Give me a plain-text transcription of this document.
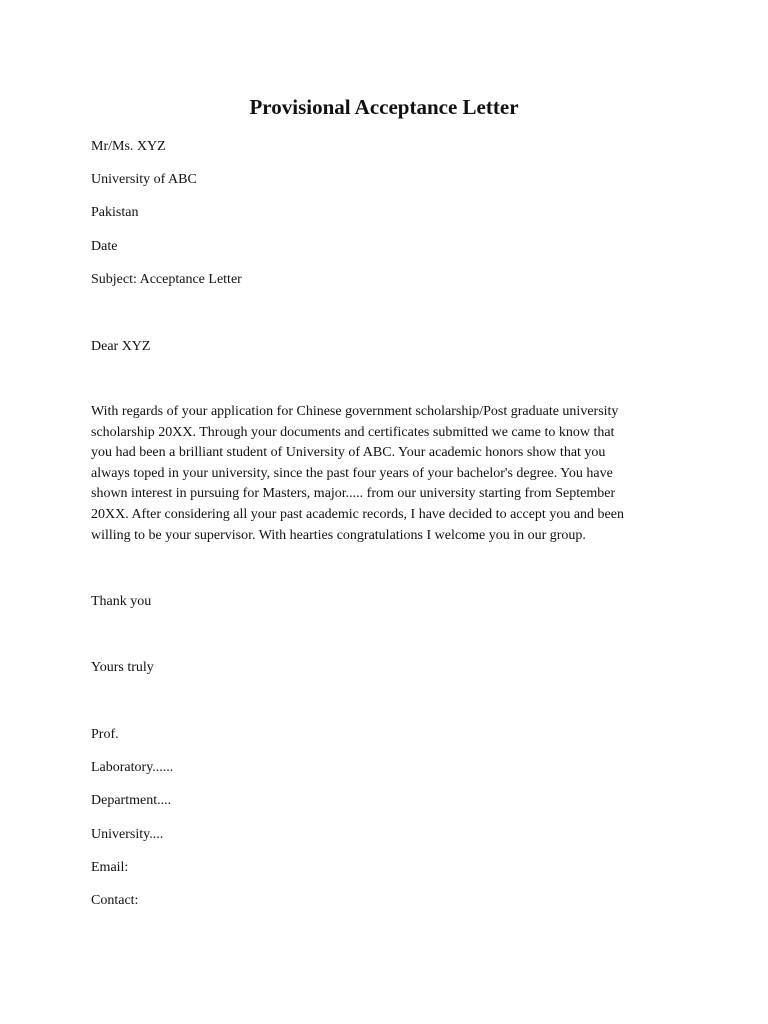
Provisional Acceptance Letter

Mr/Ms. XYZ

University of ABC

Pakistan

Date

Subject: Acceptance Letter

Dear XYZ

With regards of your application for Chinese government scholarship/Post graduate university
scholarship 20XX. Through your documents and certificates submitted we came to know that
you had been a brilliant student of University of ABC. Your academic honors show that you
always toped in your university, since the past four years of your bachelor's degree. You have
shown interest in pursuing for Masters, major..... from our university starting from September
20XX. After considering all your past academic records, I have decided to accept you and been
willing to be your supervisor. With hearties congratulations I welcome you in our group.

Thank you

Yours truly

Prof.

Laboratory......

Department....

University....

Email:

Contact:
